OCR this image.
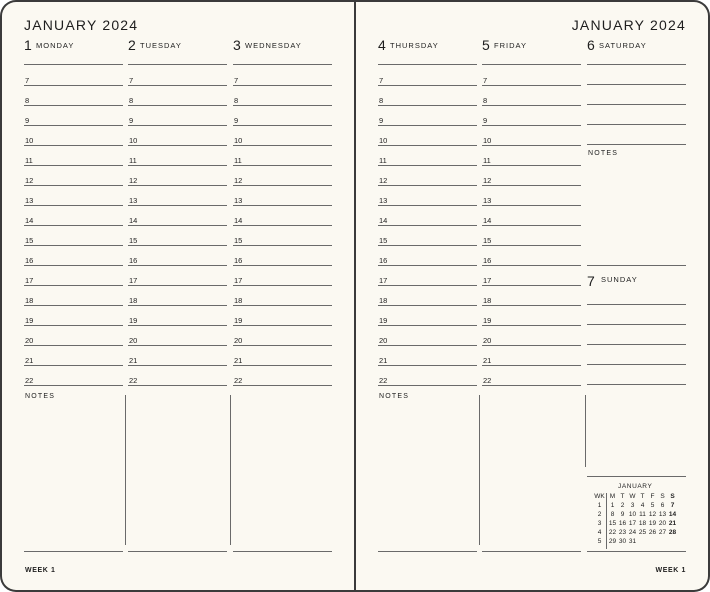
JANUARY 2024
1 MONDAY
7
8
9
10
11
12
13
14
15
16
17
18
19
20
21
22
2 TUESDAY
7
8
9
10
11
12
13
14
15
16
17
18
19
20
21
22
3 WEDNESDAY
7
8
9
10
11
12
13
14
15
16
17
18
19
20
21
22
NOTES
WEEK 1
JANUARY 2024
4 THURSDAY
7
8
9
10
11
12
13
14
15
16
17
18
19
20
21
22
5 FRIDAY
7
8
9
10
11
12
13
14
15
16
17
18
19
20
21
22
6 SATURDAY
NOTES
7 SUNDAY
NOTES
WEEK 1
JANUARY
WK M T W T F S S
1	1 2 3 4 5 6 7
2	8 9 10 11 12 13 14
3	15 16 17 18 19 20 21
4	22 23 24 25 26 27 28
5	29 30 31
